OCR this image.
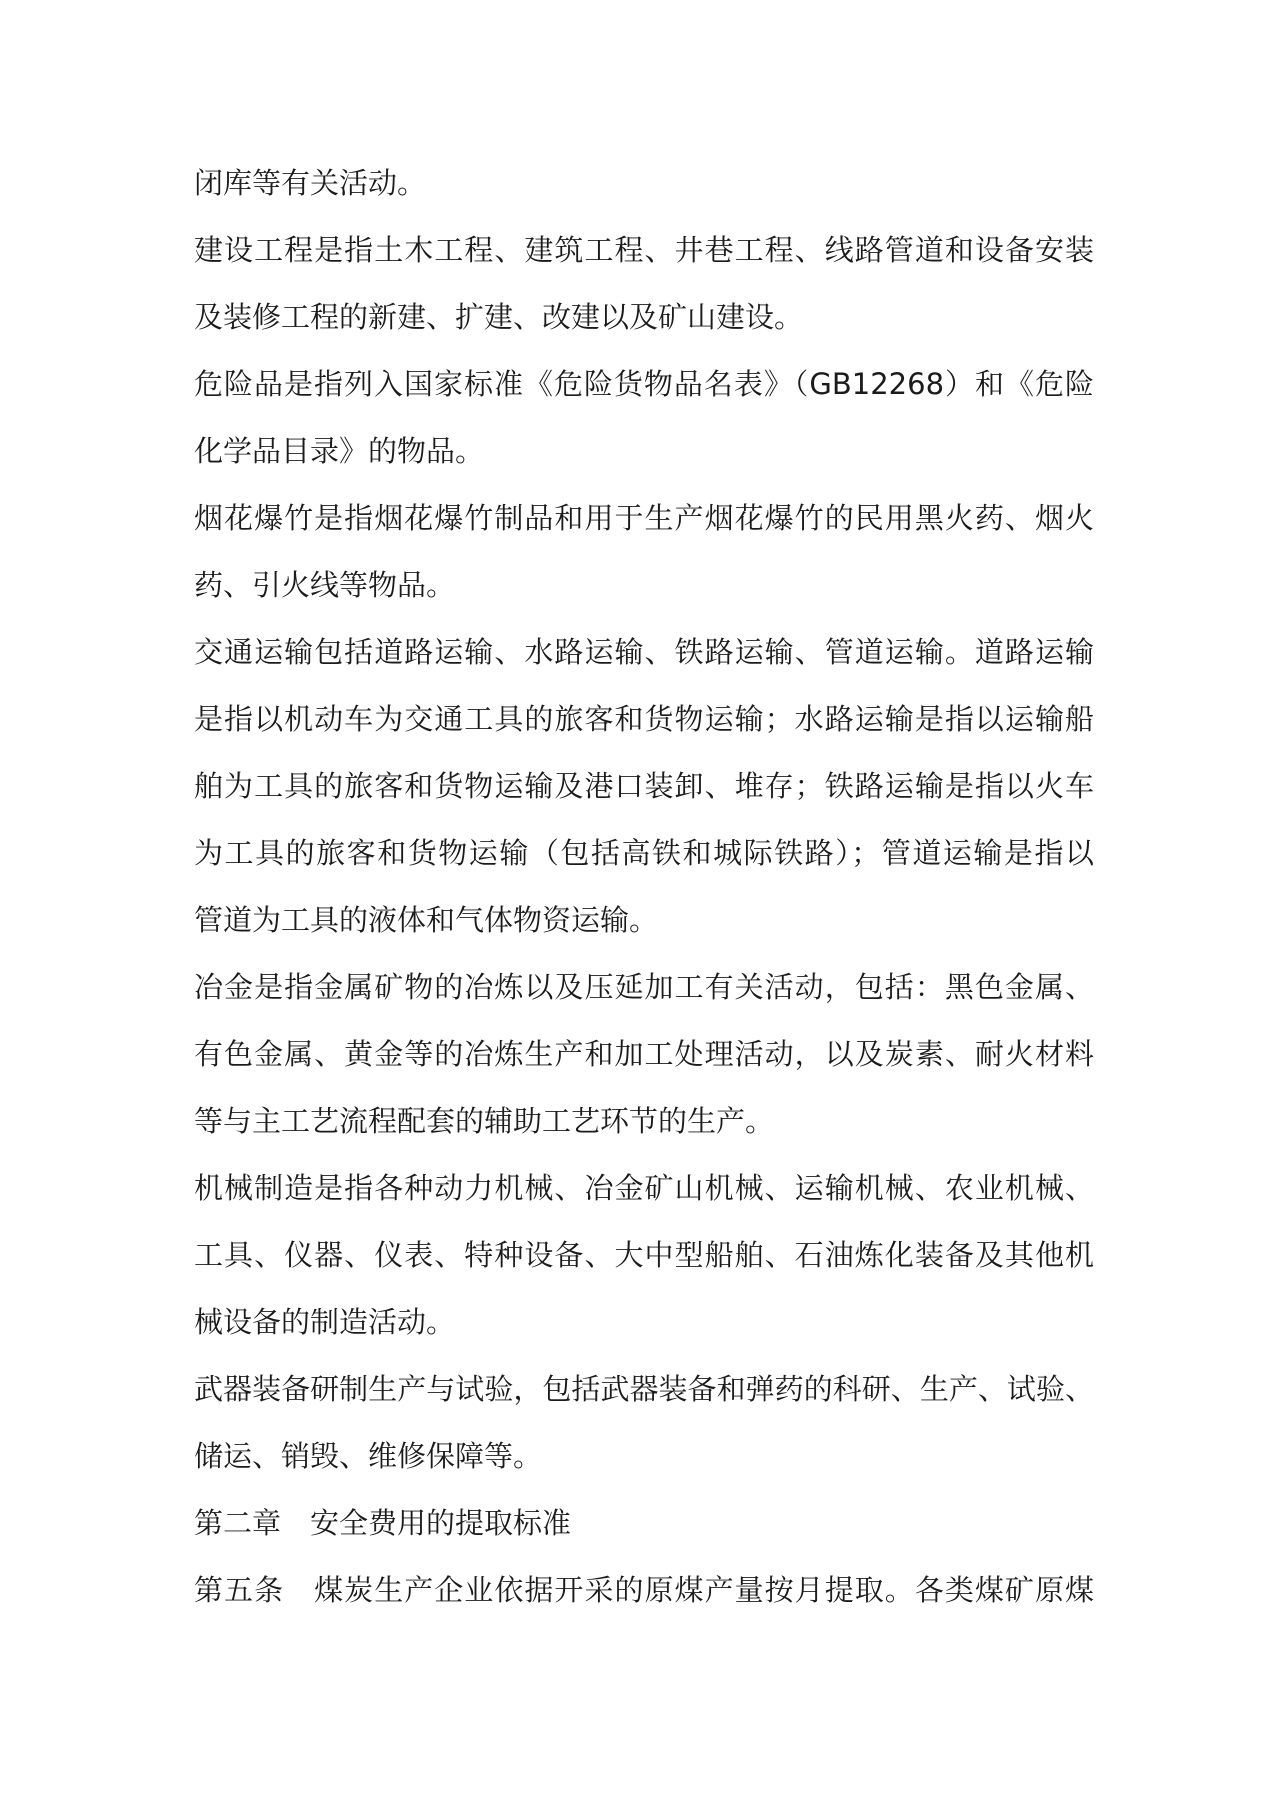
闭库等有关活动。

建设工程是指土木工程、建筑工程、井巷工程、线路管道和设备安装

及装修工程的新建、扩建、改建以及矿山建设。

危险品是指列入国家标准《危险货物品名表》（GB12268）和《危险

化学品目录》的物品。

烟花爆竹是指烟花爆竹制品和用于生产烟花爆竹的民用黑火药、烟火

药、引火线等物品。

交通运输包括道路运输、水路运输、铁路运输、管道运输。道路运输

是指以机动车为交通工具的旅客和货物运输；水路运输是指以运输船

舶为工具的旅客和货物运输及港口装卸、堆存；铁路运输是指以火车

为工具的旅客和货物运输（包括高铁和城际铁路）；管道运输是指以

管道为工具的液体和气体物资运输。

冶金是指金属矿物的冶炼以及压延加工有关活动，包括：黑色金属、

有色金属、黄金等的冶炼生产和加工处理活动，以及炭素、耐火材料

等与主工艺流程配套的辅助工艺环节的生产。

机械制造是指各种动力机械、冶金矿山机械、运输机械、农业机械、

工具、仪器、仪表、特种设备、大中型船舶、石油炼化装备及其他机

械设备的制造活动。

武器装备研制生产与试验，包括武器装备和弹药的科研、生产、试验、

储运、销毁、维修保障等。

第二章　安全费用的提取标准

第五条　煤炭生产企业依据开采的原煤产量按月提取。各类煤矿原煤
